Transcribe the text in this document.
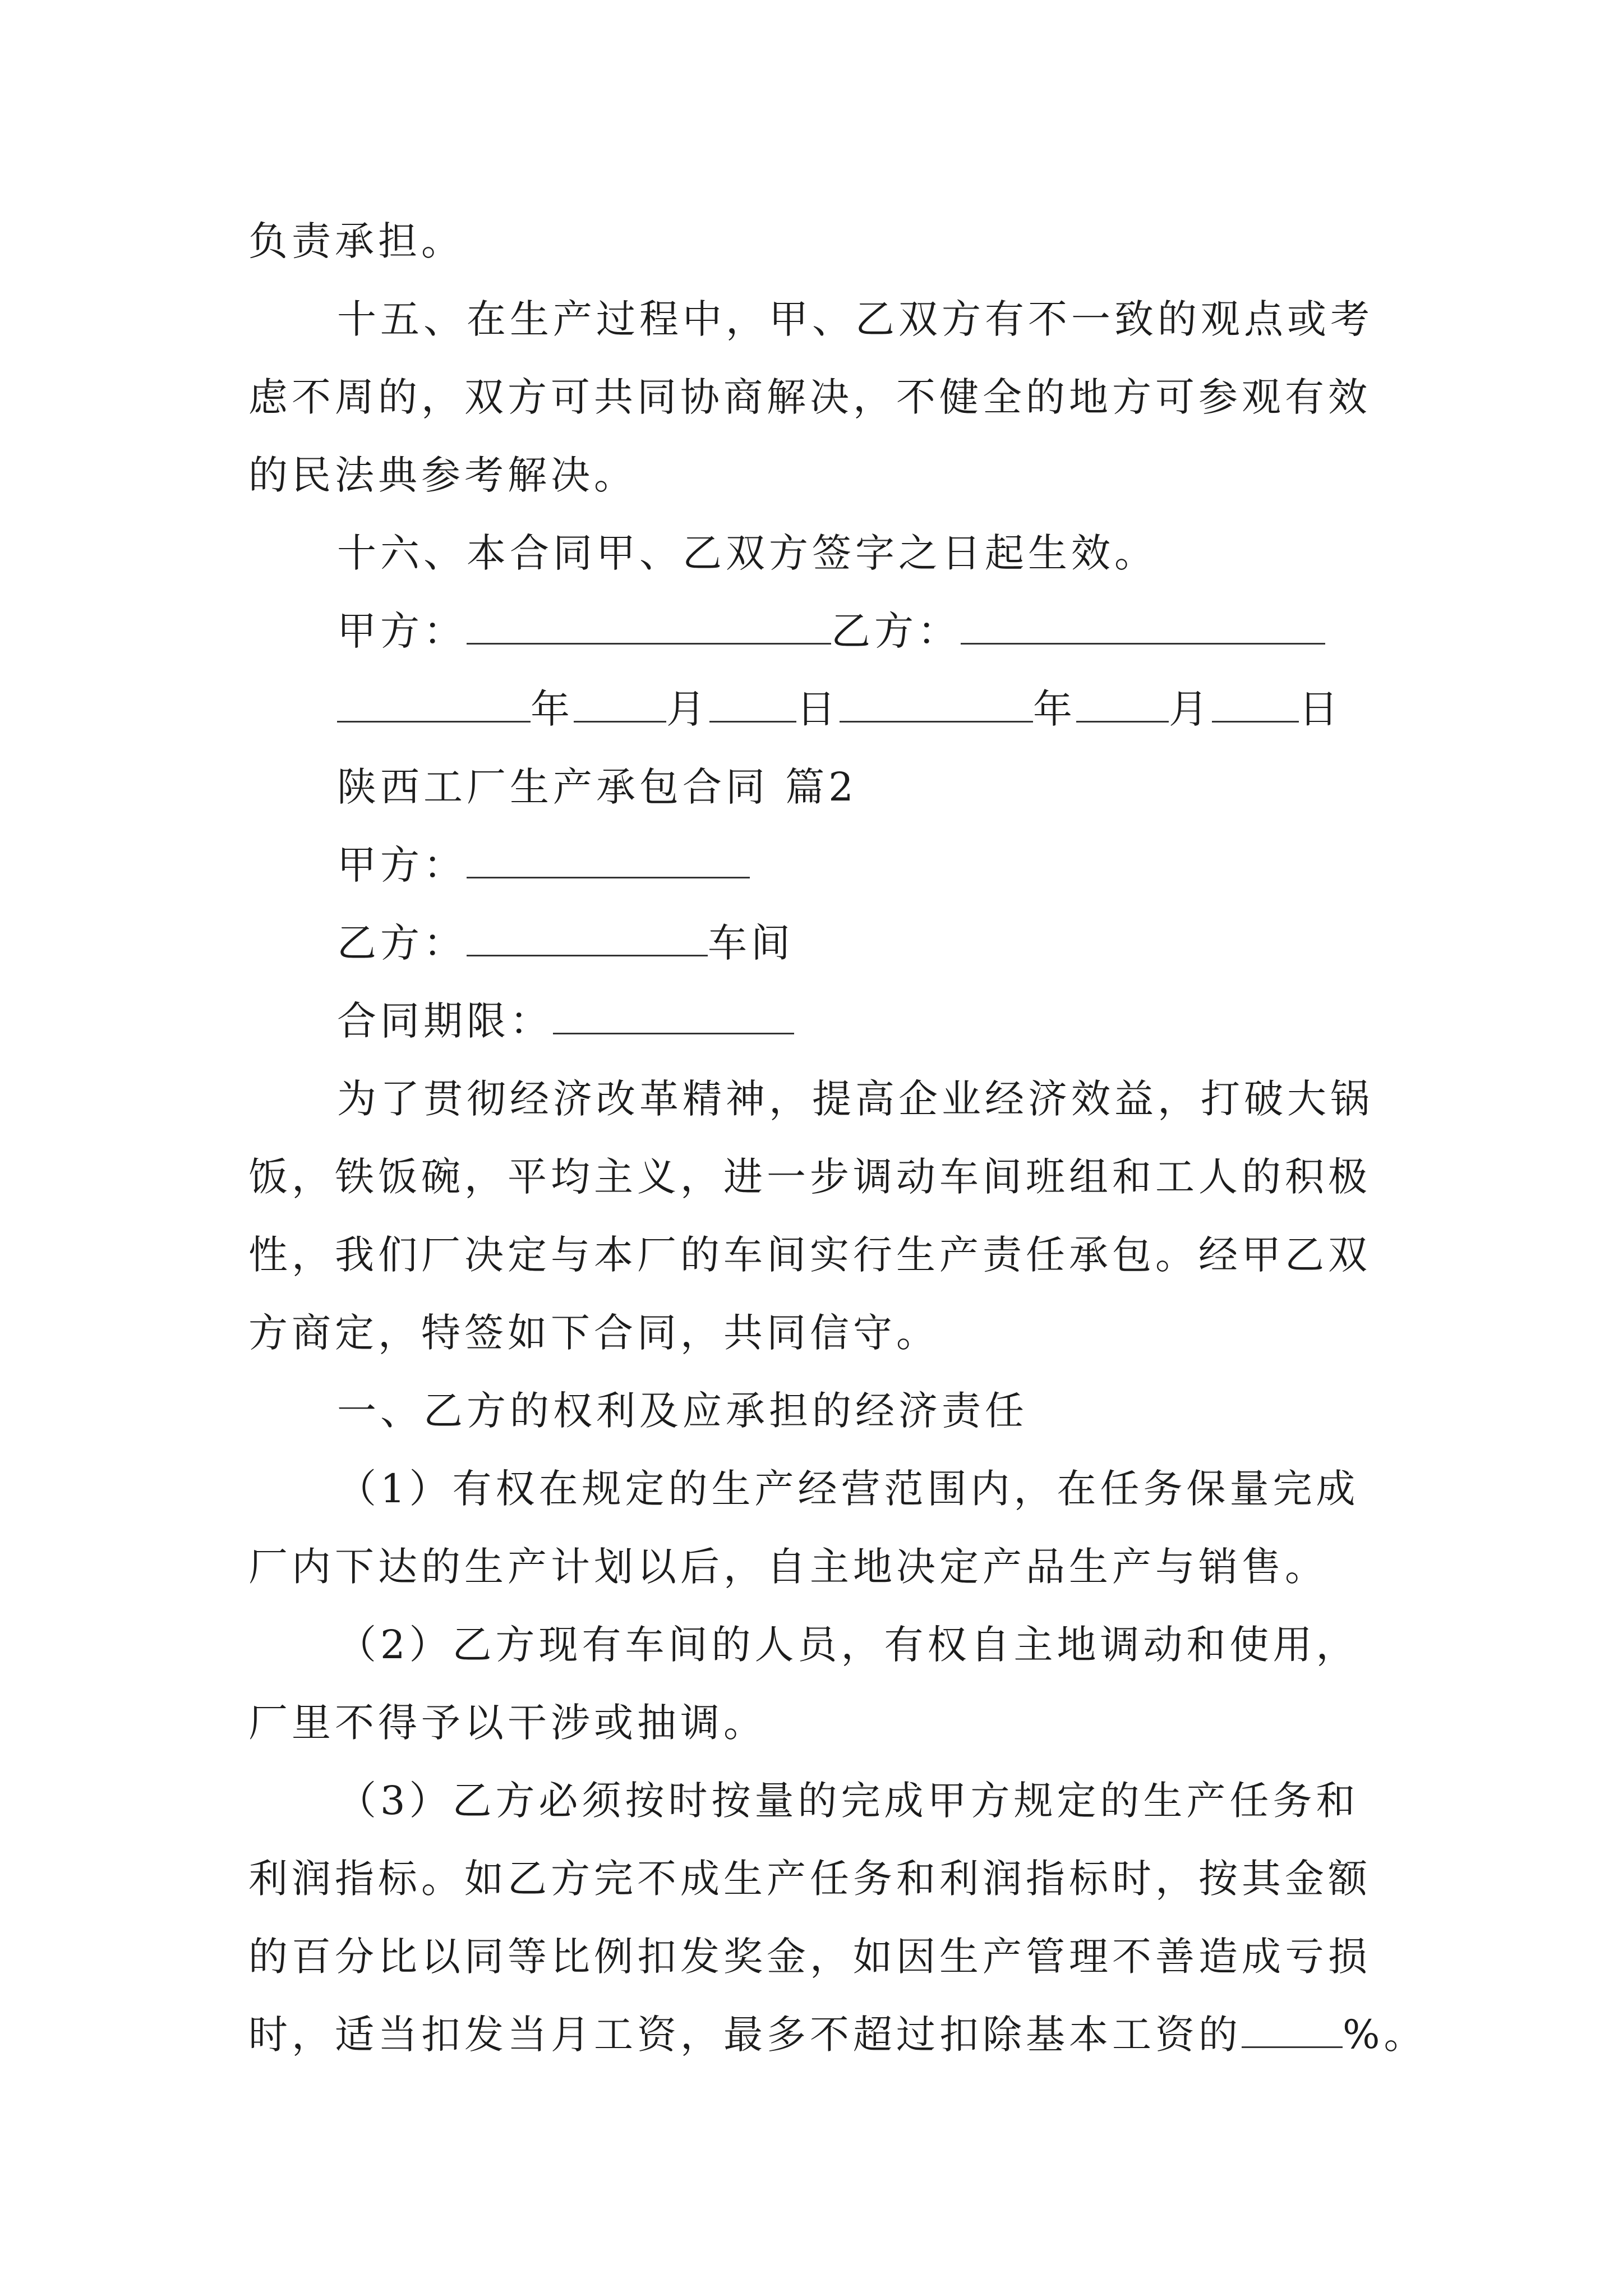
负责承担。
十五、在生产过程中，甲、乙双方有不一致的观点或考
虑不周的，双方可共同协商解决，不健全的地方可参观有效
的民法典参考解决。
十六、本合同甲、乙双方签字之日起生效。
甲方：	乙方：
年 月 日	年 月 日
陕西工厂生产承包合同 篇2
甲方：
乙方：	车间
合同期限：
为了贯彻经济改革精神，提高企业经济效益，打破大锅
饭，铁饭碗，平均主义，进一步调动车间班组和工人的积极
性，我们厂决定与本厂的车间实行生产责任承包。经甲乙双
方商定，特签如下合同，共同信守。
一、乙方的权利及应承担的经济责任
（1）有权在规定的生产经营范围内，在任务保量完成
厂内下达的生产计划以后，自主地决定产品生产与销售。
（2）乙方现有车间的人员，有权自主地调动和使用，
厂里不得予以干涉或抽调。
（3）乙方必须按时按量的完成甲方规定的生产任务和
利润指标。如乙方完不成生产任务和利润指标时，按其金额
的百分比以同等比例扣发奖金，如因生产管理不善造成亏损
时，适当扣发当月工资，最多不超过扣除基本工资的	%。
